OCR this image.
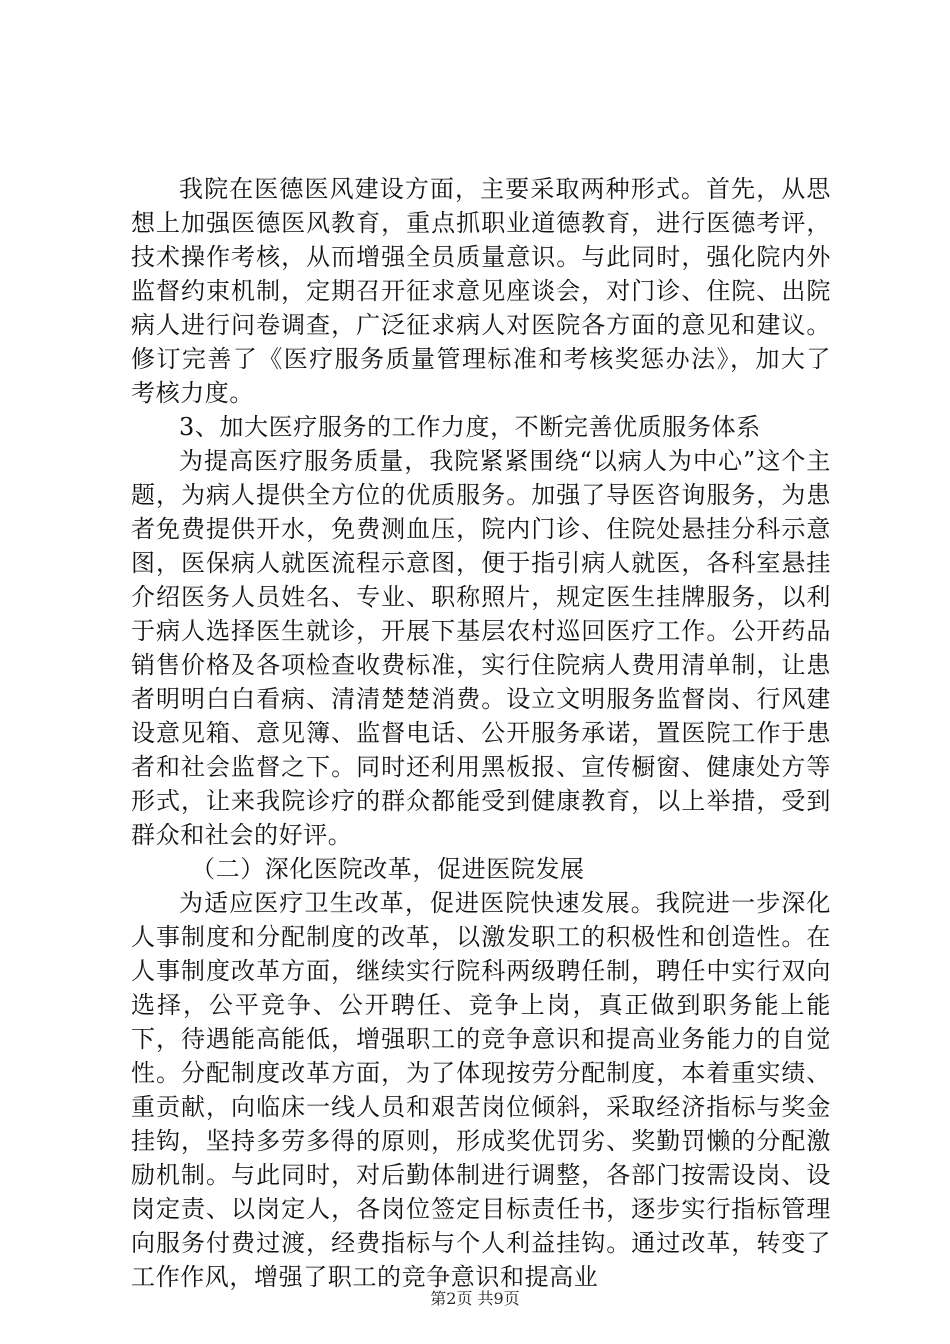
我院在医德医风建设方面，主要采取两种形式。首先，从思想上加强医德医风教育，重点抓职业道德教育，进行医德考评，技术操作考核，从而增强全员质量意识。与此同时，强化院内外监督约束机制，定期召开征求意见座谈会，对门诊、住院、出院病人进行问卷调查，广泛征求病人对医院各方面的意见和建议。修订完善了《医疗服务质量管理标准和考核奖惩办法》，加大了考核力度。

3、加大医疗服务的工作力度，不断完善优质服务体系

为提高医疗服务质量，我院紧紧围绕“以病人为中心”这个主题，为病人提供全方位的优质服务。加强了导医咨询服务，为患者免费提供开水，免费测血压，院内门诊、住院处悬挂分科示意图，医保病人就医流程示意图，便于指引病人就医，各科室悬挂介绍医务人员姓名、专业、职称照片，规定医生挂牌服务，以利于病人选择医生就诊，开展下基层农村巡回医疗工作。公开药品销售价格及各项检查收费标准，实行住院病人费用清单制，让患者明明白白看病、清清楚楚消费。设立文明服务监督岗、行风建设意见箱、意见簿、监督电话、公开服务承诺，置医院工作于患者和社会监督之下。同时还利用黑板报、宣传橱窗、健康处方等形式，让来我院诊疗的群众都能受到健康教育，以上举措，受到群众和社会的好评。

（二）深化医院改革，促进医院发展

为适应医疗卫生改革，促进医院快速发展。我院进一步深化人事制度和分配制度的改革，以激发职工的积极性和创造性。在人事制度改革方面，继续实行院科两级聘任制，聘任中实行双向选择，公平竞争、公开聘任、竞争上岗，真正做到职务能上能下，待遇能高能低，增强职工的竞争意识和提高业务能力的自觉性。分配制度改革方面，为了体现按劳分配制度，本着重实绩、重贡献，向临床一线人员和艰苦岗位倾斜，采取经济指标与奖金挂钩，坚持多劳多得的原则，形成奖优罚劣、奖勤罚懒的分配激励机制。与此同时，对后勤体制进行调整，各部门按需设岗、设岗定责、以岗定人，各岗位签定目标责任书，逐步实行指标管理向服务付费过渡，经费指标与个人利益挂钩。通过改革，转变了工作作风，增强了职工的竞争意识和提高业

第2页 共9页
